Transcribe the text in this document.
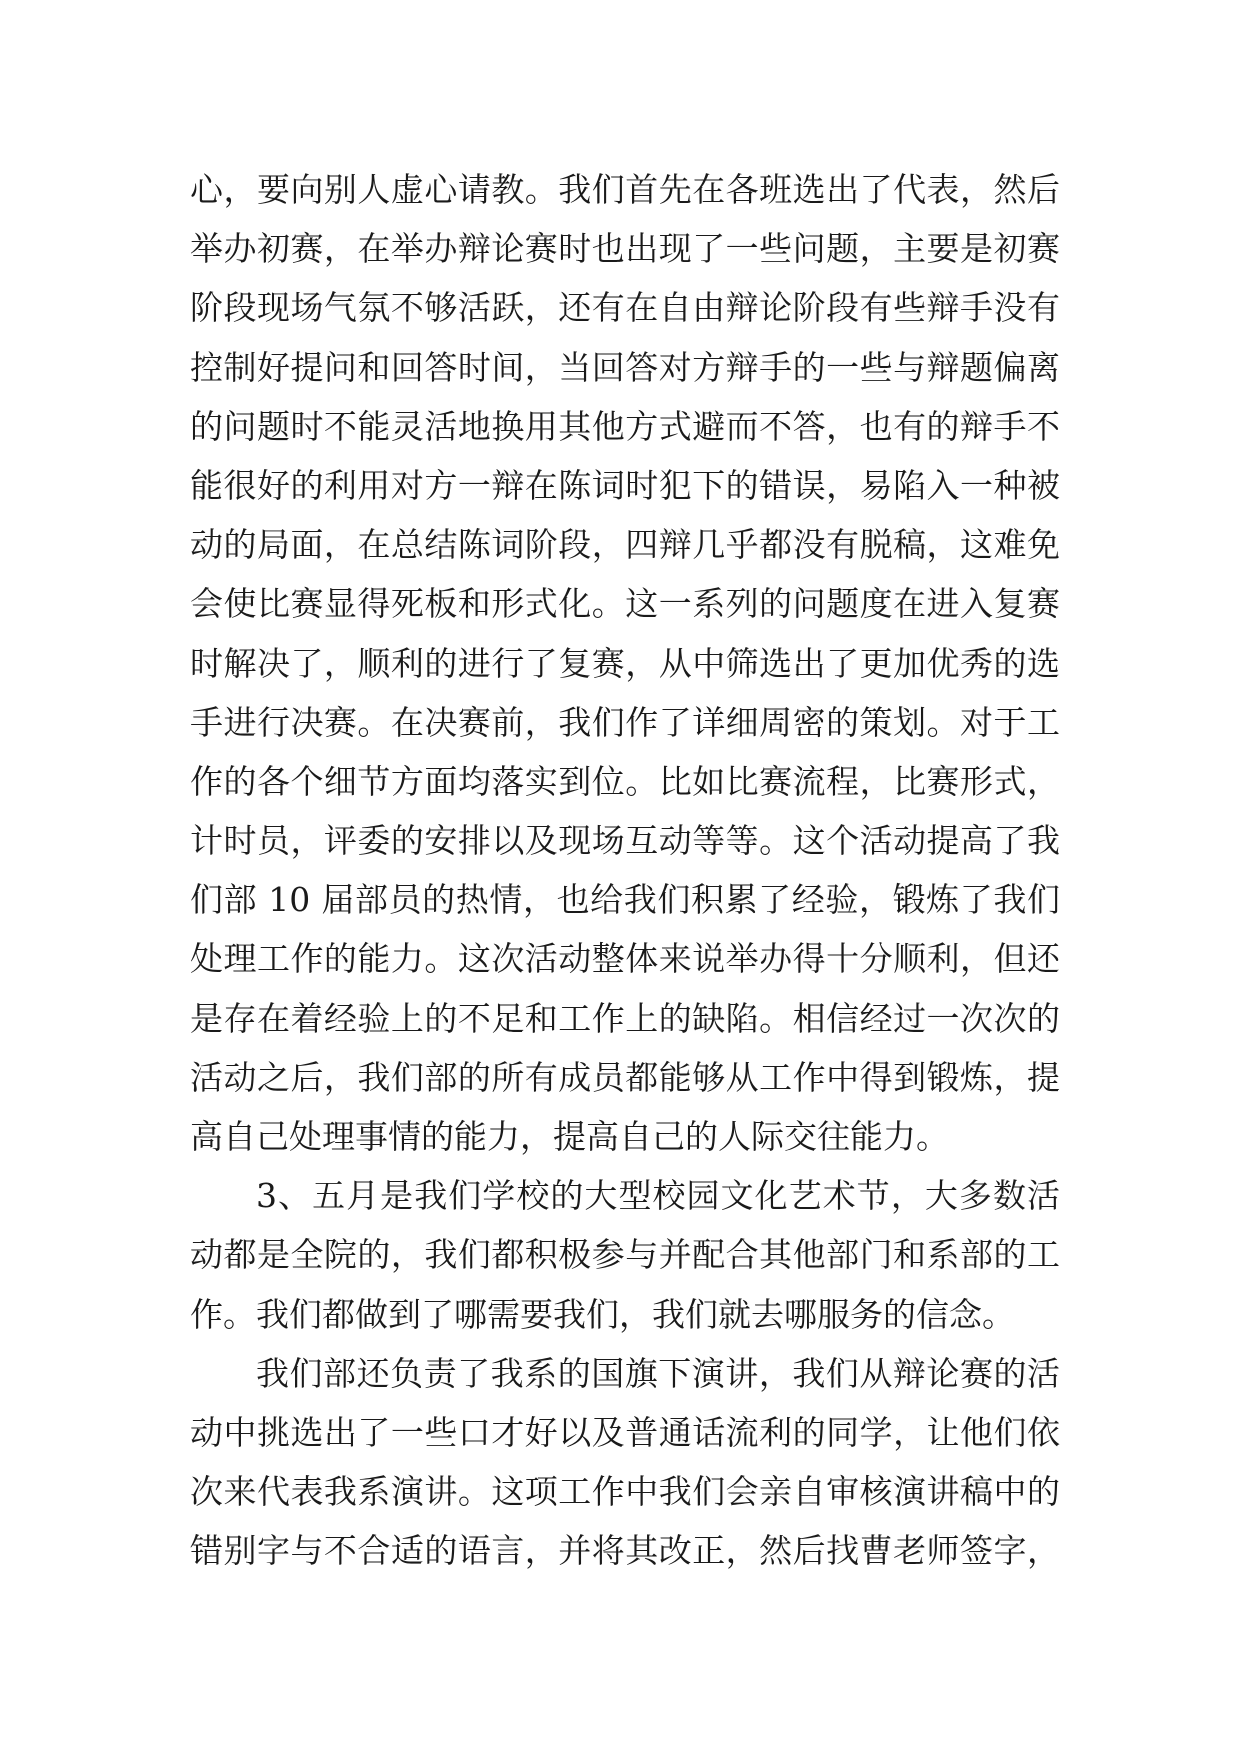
心，要向别人虚心请教。我们首先在各班选出了代表，然后
举办初赛，在举办辩论赛时也出现了一些问题，主要是初赛
阶段现场气氛不够活跃，还有在自由辩论阶段有些辩手没有
控制好提问和回答时间，当回答对方辩手的一些与辩题偏离
的问题时不能灵活地换用其他方式避而不答，也有的辩手不
能很好的利用对方一辩在陈词时犯下的错误，易陷入一种被
动的局面，在总结陈词阶段，四辩几乎都没有脱稿，这难免
会使比赛显得死板和形式化。这一系列的问题度在进入复赛
时解决了，顺利的进行了复赛，从中筛选出了更加优秀的选
手进行决赛。在决赛前，我们作了详细周密的策划。对于工
作的各个细节方面均落实到位。比如比赛流程，比赛形式，
计时员，评委的安排以及现场互动等等。这个活动提高了我
们部 10 届部员的热情，也给我们积累了经验，锻炼了我们
处理工作的能力。这次活动整体来说举办得十分顺利，但还
是存在着经验上的不足和工作上的缺陷。相信经过一次次的
活动之后，我们部的所有成员都能够从工作中得到锻炼，提
高自己处理事情的能力，提高自己的人际交往能力。
3、五月是我们学校的大型校园文化艺术节，大多数活
动都是全院的，我们都积极参与并配合其他部门和系部的工
作。我们都做到了哪需要我们，我们就去哪服务的信念。
我们部还负责了我系的国旗下演讲，我们从辩论赛的活
动中挑选出了一些口才好以及普通话流利的同学，让他们依
次来代表我系演讲。这项工作中我们会亲自审核演讲稿中的
错别字与不合适的语言，并将其改正，然后找曹老师签字，
